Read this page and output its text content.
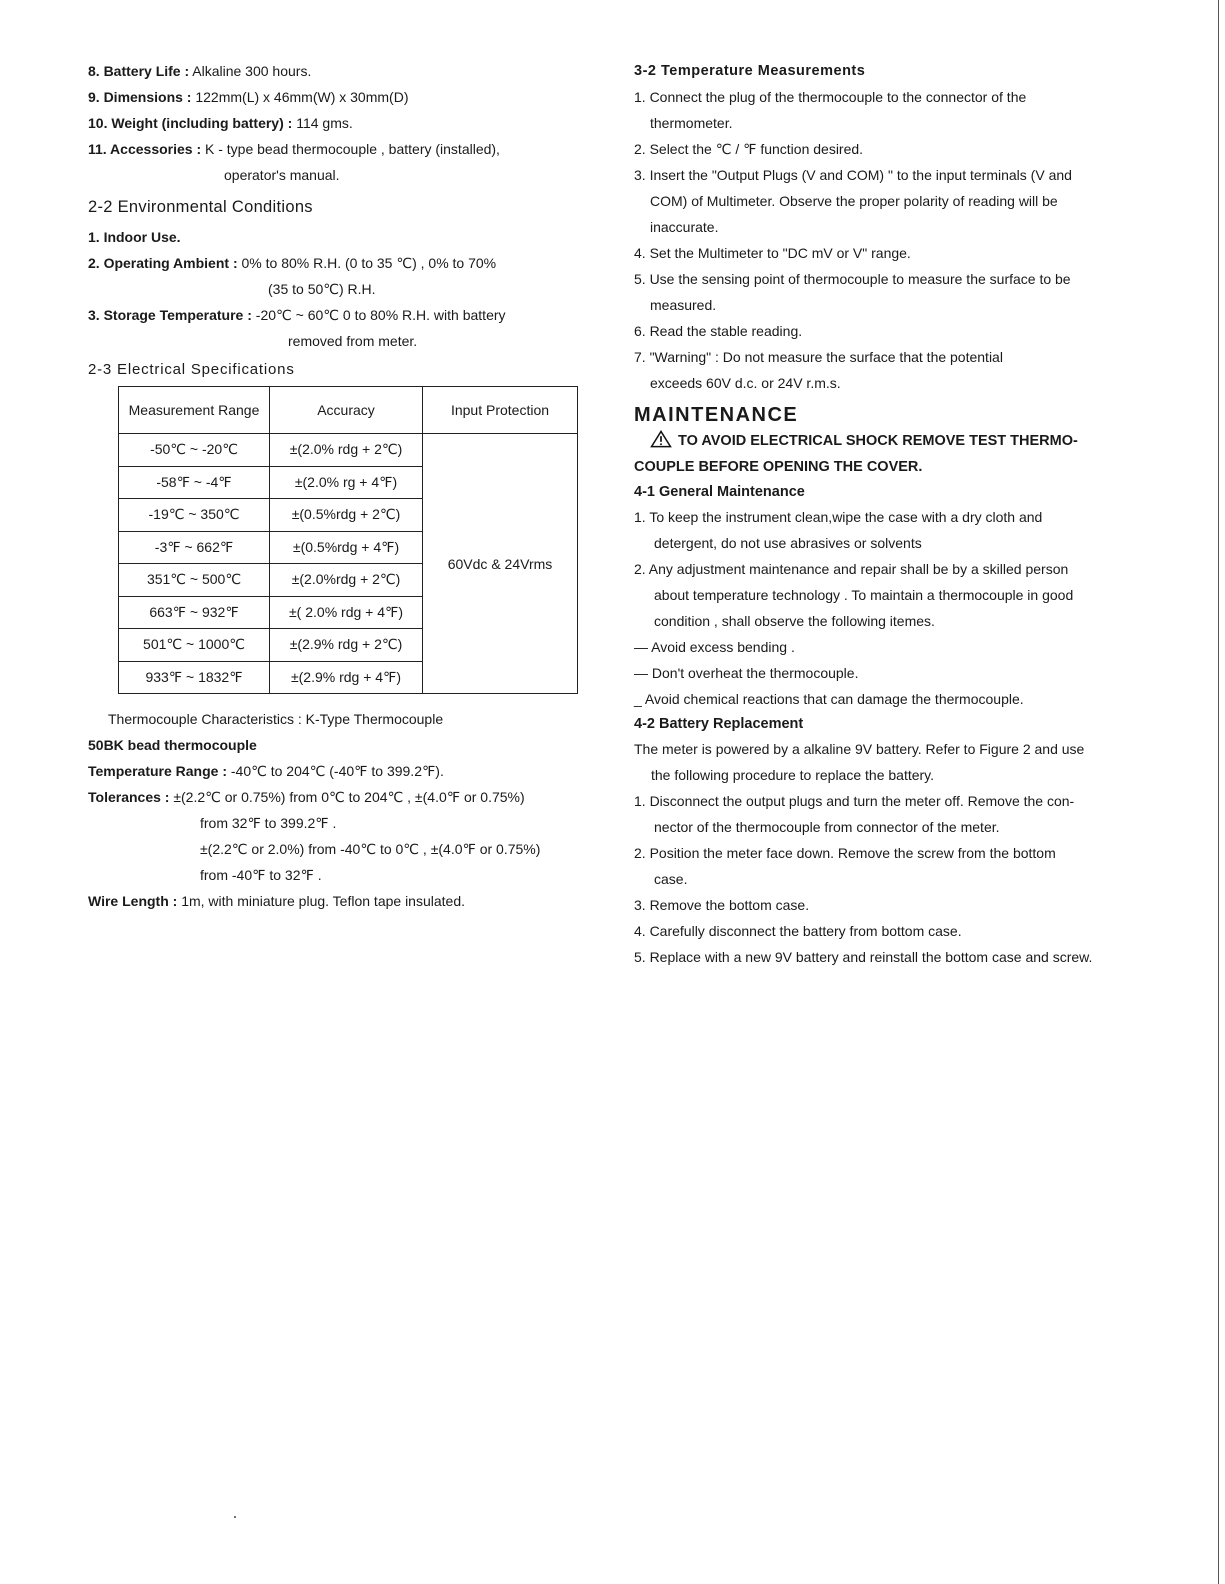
8. Battery Life : Alkaline 300 hours.

9. Dimensions : 122mm(L) x 46mm(W) x 30mm(D)

10. Weight (including battery) : 114 gms.

11. Accessories : K - type bead thermocouple , battery (installed),

operator's manual.

2-2 Environmental Conditions

1. Indoor Use.

2. Operating Ambient : 0% to 80% R.H. (0 to 35 ℃) , 0% to 70%

(35 to 50℃) R.H.

3. Storage Temperature : -20℃ ~ 60℃ 0 to 80% R.H. with battery

removed from meter.

2-3 Electrical Specifications
Measurement Range	Accuracy	Input Protection
-50℃ ~ -20℃	±(2.0% rdg + 2℃)	60Vdc & 24Vrms
-58℉ ~ -4℉	±(2.0% rg + 4℉)	
-19℃ ~ 350℃	±(0.5%rdg + 2℃)	
-3℉ ~ 662℉	±(0.5%rdg + 4℉)	
351℃ ~ 500℃	±(2.0%rdg + 2℃)	
663℉ ~ 932℉	±( 2.0% rdg + 4℉)	
501℃ ~ 1000℃	±(2.9% rdg + 2℃)	
933℉ ~ 1832℉	±(2.9% rdg + 4℉)	

Thermocouple Characteristics : K-Type Thermocouple

50BK bead thermocouple

Temperature Range : -40℃ to 204℃ (-40℉ to 399.2℉).

Tolerances : ±(2.2℃ or 0.75%) from 0℃ to 204℃ , ±(4.0℉ or 0.75%)

from 32℉ to 399.2℉ .

±(2.2℃ or 2.0%) from -40℃ to 0℃ , ±(4.0℉ or 0.75%)

from -40℉ to 32℉ .

Wire Length : 1m, with miniature plug. Teflon tape insulated.

3-2 Temperature Measurements

1. Connect the plug of the thermocouple to the connector of the

thermometer.

2. Select the ℃ / ℉ function desired.

3. Insert the "Output Plugs (V and COM) " to the input terminals (V and

COM) of Multimeter. Observe the proper polarity of reading will be

inaccurate.

4. Set the Multimeter to "DC mV or V" range.

5. Use the sensing point of thermocouple to measure the surface to be

measured.

6. Read the stable reading.

7. "Warning" : Do not measure the surface that the potential

exceeds 60V d.c. or 24V r.m.s.

MAINTENANCE

TO AVOID ELECTRICAL SHOCK REMOVE TEST THERMO-

COUPLE BEFORE OPENING THE COVER.

4-1 General Maintenance

1. To keep the instrument clean,wipe the case with a dry cloth and

detergent, do not use abrasives or solvents

2. Any adjustment maintenance and repair shall be by a skilled person

about temperature technology . To maintain a thermocouple in good

condition , shall observe the following itemes.

— Avoid excess bending .

— Don't overheat the thermocouple.

_ Avoid chemical reactions that can damage the thermocouple.

4-2 Battery Replacement

The meter is powered by a alkaline 9V battery. Refer to Figure 2 and use

the following procedure to replace the battery.

1. Disconnect the output plugs and turn the meter off. Remove the con-

nector of the thermocouple from connector of the meter.

2. Position the meter face down. Remove the screw from the bottom

case.

3. Remove the bottom case.

4. Carefully disconnect the battery from bottom case.

5. Replace with a new 9V battery and reinstall the bottom case and screw.
